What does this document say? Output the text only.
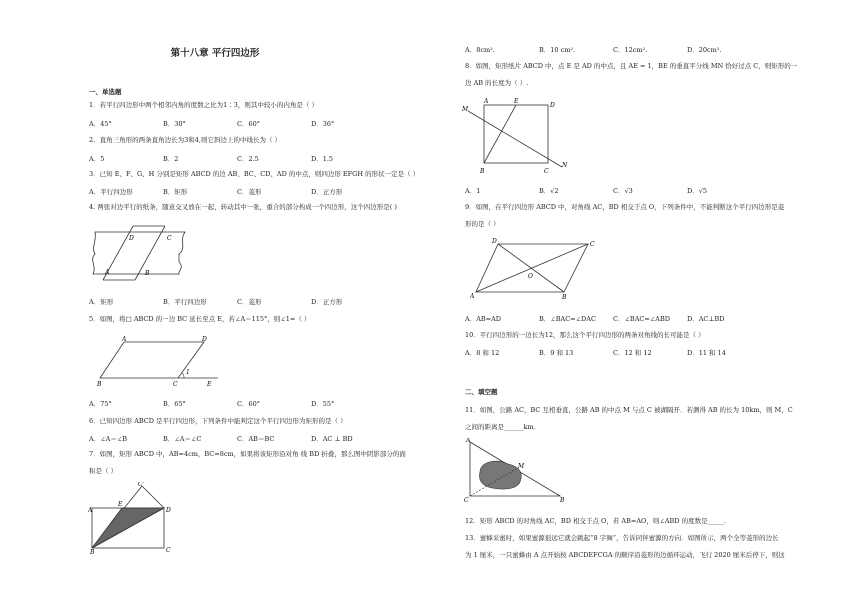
第十八章 平行四边形
一、单选题
1．若平行四边形中两个相邻内角的度数之比为1∶3，则其中较小的内角是（ ）
A．45°	B．30°	C．60°	D．36°
2．直角三角形的两条直角边长为3和4,则它斜边上的中线长为（ ）
A．5	B．2	C．2.5	D．1.5
3．已知 E、F、G、H 分别是矩形 ABCD 的边 AB、BC、CD、AD 的中点，则四边形 EFGH 的形状一定是（ ）
A．平行四边形	B．矩形	C．菱形	D．正方形
4. 两张对边平行的纸条，随意交叉放在一起，转动其中一张，重合的部分构成一个四边形，这个四边形是( )
D	C
A	B
A．矩形	B．平行四边形	C．菱形	D．正方形
5．如图，将□ ABCD 的一边 BC 延长至点 E，若∠A＝115°，则∠1=（ ）
A	D
1
B	C	E
A．75°	B．65°	C．60°	D．55°
6．已知四边形 ABCD 是平行四边形，下列条件中能判定这个平行四边形为矩形的是（ ）
A．∠A＝∠B	B．∠A＝∠C	C．AB＝BC	D．AC ⊥ BD
7．如图，矩形 ABCD 中，AB=4cm，BC=8cm，如果将该矩形沿对角 线 BD 折叠，那么图中阴影部分的面
积是（ ）
C'
E
A	D
B	C
A．8cm².	B．10 cm².	C．12cm².	D．20cm².
8．如图，矩形纸片 ABCD 中，点 E 是 AD 的中点，且 AE = 1，BE 的垂直平分线 MN 恰好过点 C，则矩形的一
边 AB 的长度为（ ）.
A	E
D
M
B	C
N
A．1	B．√2	C．√3	D．√5
9．如图，在平行四边形 ABCD 中，对角线 AC，BD 相交于点 O，下列条件中，不能判断这个平行四边形是菱
形的是（ ）
D	C
O
A	B
A．AB=AD	B．∠BAC=∠DAC	C．∠BAC=∠ABD	D．AC⊥BD
10．平行四边形的一边长为12，那么这个平行四边形的两条对角线的长可能是（ ）
A．8 和 12	B．9 和 13	C．12 和 12	D．11 和 14
二、填空题
11．如图，公路 AC，BC 互相垂直，公路 AB 的中点 M 与点 C 被湖隔开．若测得 AB 的长为 10km，则 M，C
之间的距离是______km．
A
M
C	B
12．矩形 ABCD 的对角线 AC，BD 相交于点 O，若 AB=AO，则∠ABD 的度数是_____.
13．蜜蜂采蜜时，如果蜜源很远它就会跳起“8 字舞”，告诉同伴蜜源的方向．如图所示，两个全等菱形的边长
为 1 厘米，一只蜜蜂由 A 点开始按 ABCDEFCGA 的顺序沿菱形的边循环运动，飞行 2020 厘米后停下，则这
